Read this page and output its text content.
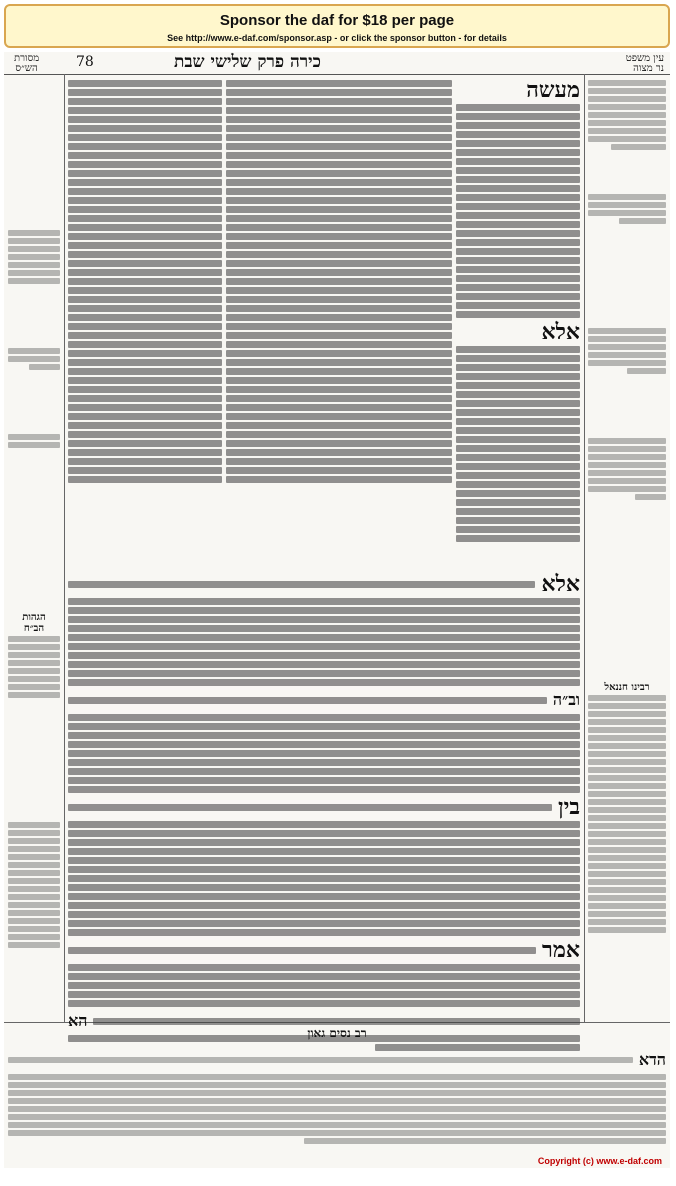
Sponsor the daf for $18 per page
See http://www.e-daf.com/sponsor.asp - or click the sponsor button - for details
עין משפט
נר מצוה
78	כירה פרק שלישי שבת
מסורת
הש״ס
רבינו חננאל
הגהות
הב״ח
מעשה
אלא
אלא
וב״ה
בין
אמר
הא
רב נסים גאון
הדא
Copyright (c) www.e-daf.com
